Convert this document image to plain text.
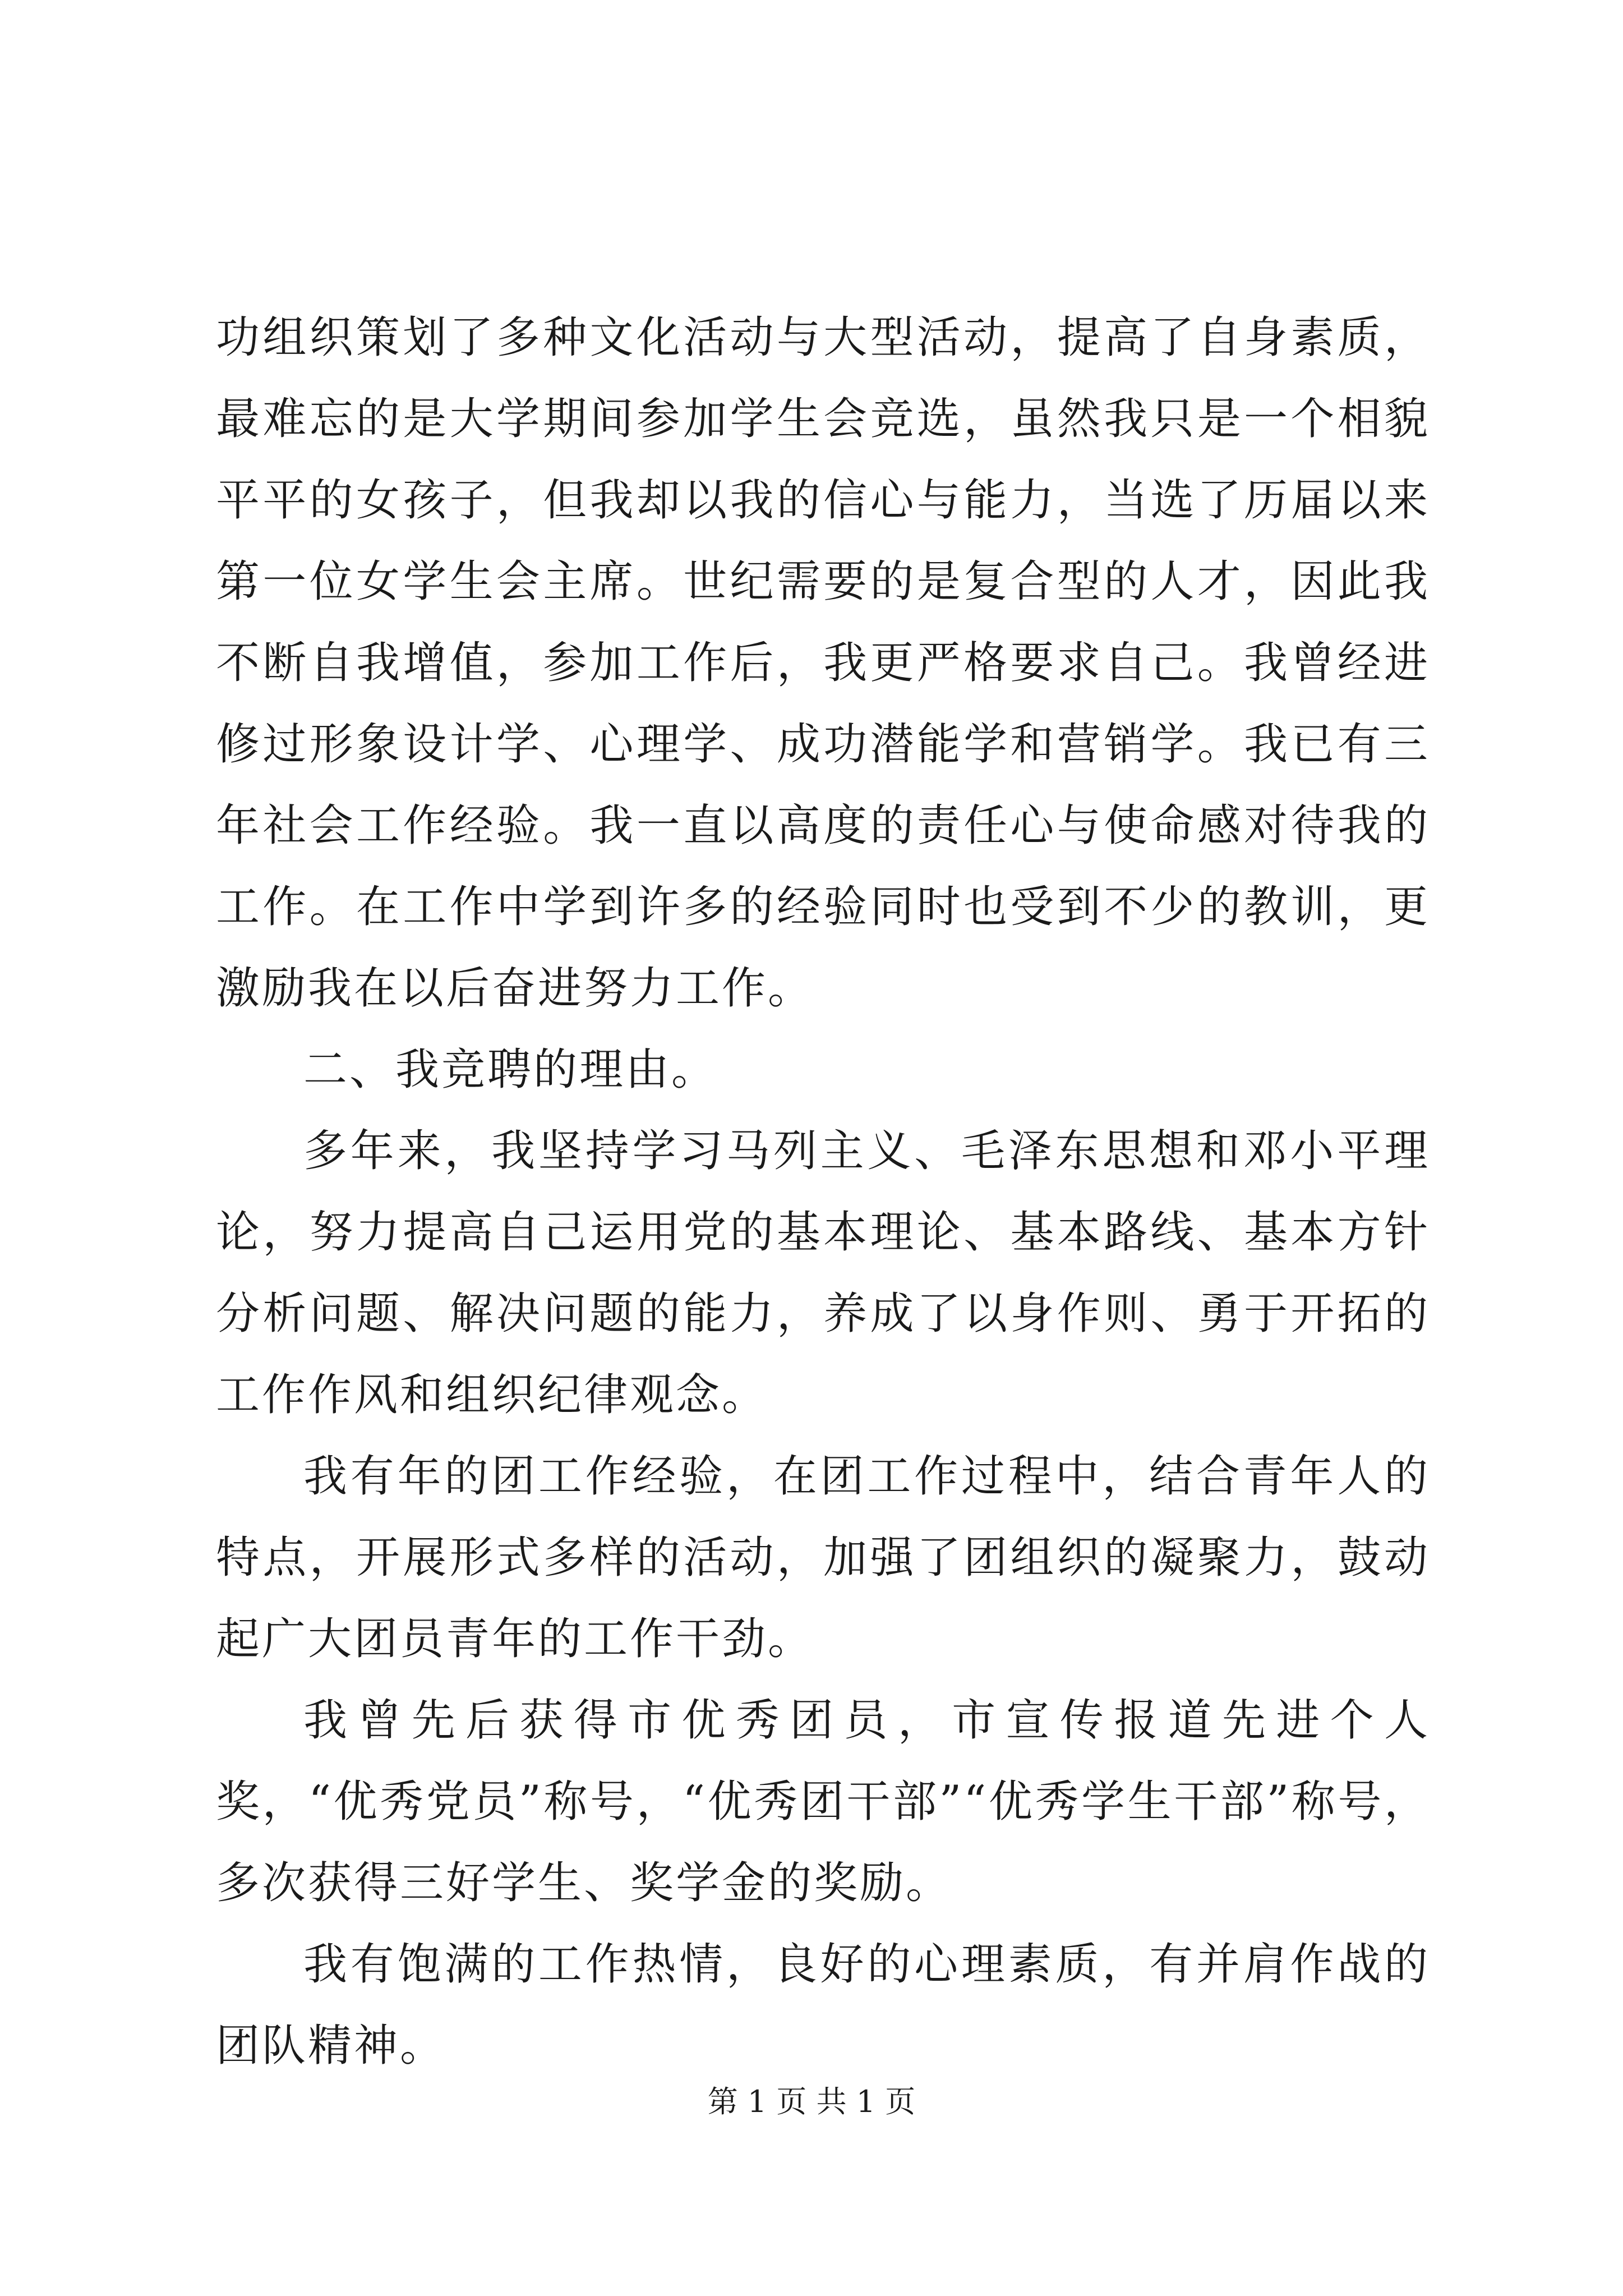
功组织策划了多种文化活动与大型活动，提高了自身素质，最难忘的是大学期间参加学生会竞选，虽然我只是一个相貌平平的女孩子，但我却以我的信心与能力，当选了历届以来第一位女学生会主席。世纪需要的是复合型的人才，因此我不断自我增值，参加工作后，我更严格要求自己。我曾经进修过形象设计学、心理学、成功潜能学和营销学。我已有三年社会工作经验。我一直以高度的责任心与使命感对待我的工作。在工作中学到许多的经验同时也受到不少的教训，更激励我在以后奋进努力工作。

二、我竞聘的理由。

多年来，我坚持学习马列主义、毛泽东思想和邓小平理论，努力提高自己运用党的基本理论、基本路线、基本方针分析问题、解决问题的能力，养成了以身作则、勇于开拓的工作作风和组织纪律观念。

我有年的团工作经验，在团工作过程中，结合青年人的特点，开展形式多样的活动，加强了团组织的凝聚力，鼓动起广大团员青年的工作干劲。

我曾先后获得市优秀团员，市宣传报道先进个人奖，“优秀党员”称号，“优秀团干部”“优秀学生干部”称号，多次获得三好学生、奖学金的奖励。

我有饱满的工作热情，良好的心理素质，有并肩作战的团队精神。

第 1 页 共 1 页
